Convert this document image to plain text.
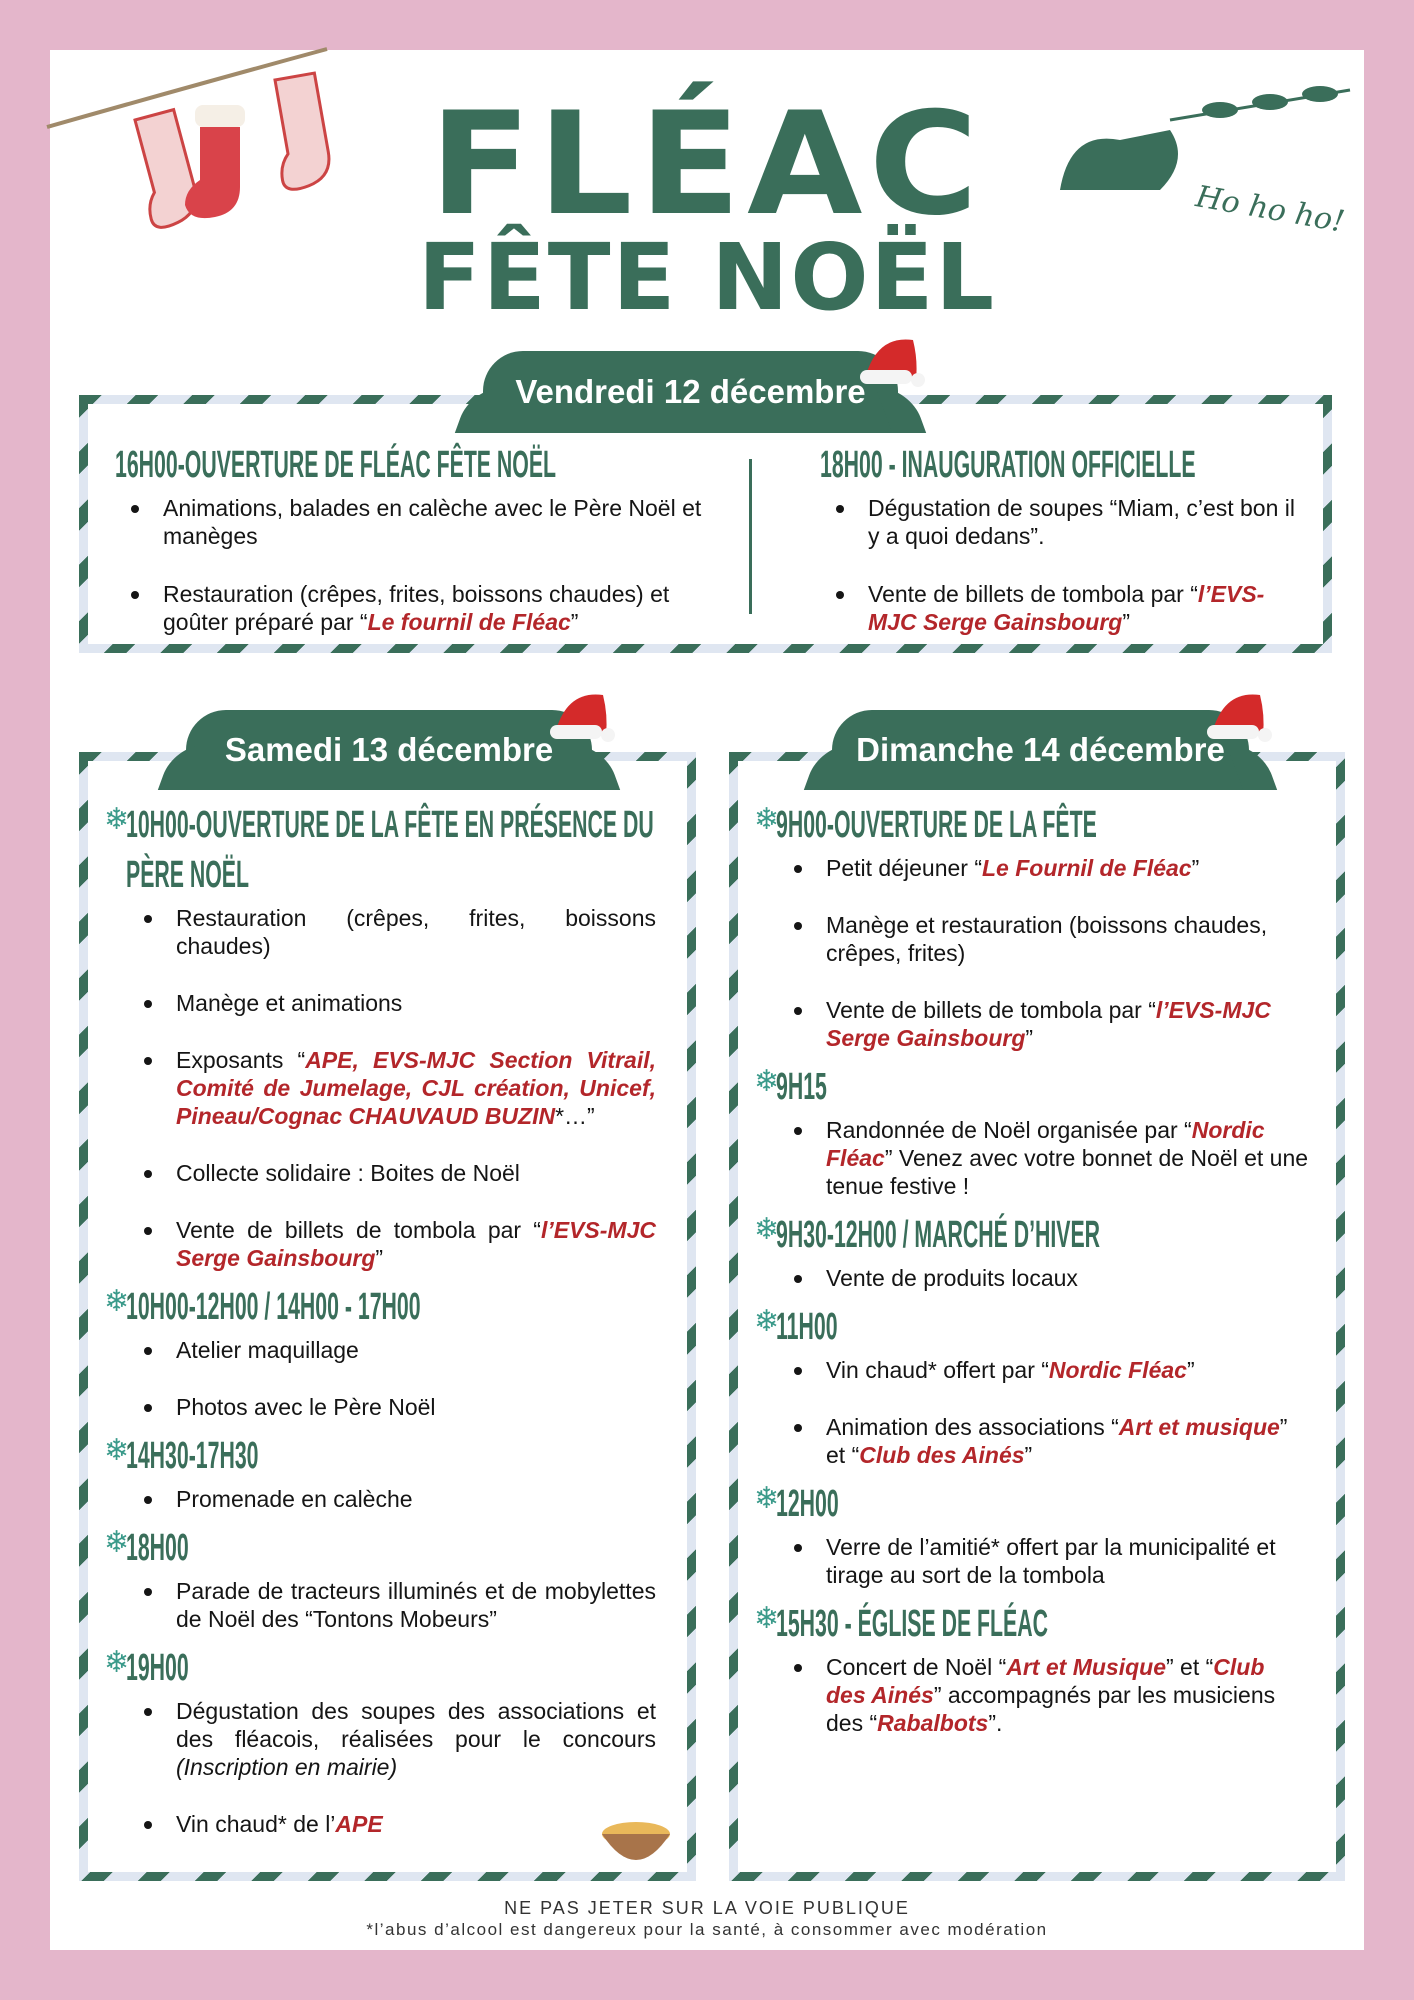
Ho ho ho!
FLÉAC
FÊTE NOËL
Vendredi 12 décembre
16H00-OUVERTURE DE FLÉAC FÊTE NOËL
Animations, balades en calèche avec le Père Noël et manèges
Restauration (crêpes, frites, boissons chaudes) et goûter préparé par “Le fournil de Fléac”
18H00 - INAUGURATION OFFICIELLE
Dégustation de soupes “Miam, c’est bon il y a quoi dedans”.
Vente de billets de tombola par “l’EVS-MJC Serge Gainsbourg”
Samedi 13 décembre
❄
10H00-OUVERTURE DE LA FÊTE EN PRÉSENCE DU PÈRE NOËL
Restauration (crêpes, frites, boissons chaudes)
Manège et animations
Exposants “APE, EVS-MJC Section Vitrail, Comité de Jumelage, CJL création, Unicef, Pineau/Cognac CHAUVAUD BUZIN*…”
Collecte solidaire : Boites de Noël
Vente de billets de tombola par “l’EVS-MJC Serge Gainsbourg”
❄
10H00-12H00 / 14H00 - 17H00
Atelier maquillage
Photos avec le Père Noël
❄
14H30-17H30
Promenade en calèche
❄
18H00
Parade de tracteurs illuminés et de mobylettes de Noël des “Tontons Mobeurs”
❄
19H00
Dégustation des soupes des associations et des fléacois, réalisées pour le concours (Inscription en mairie)
Vin chaud* de l’APE
Dimanche 14 décembre
❄
9H00-OUVERTURE DE LA FÊTE
Petit déjeuner “Le Fournil de Fléac”
Manège et restauration (boissons chaudes, crêpes, frites)
Vente de billets de tombola par “l’EVS-MJC Serge Gainsbourg”
❄
9H15
Randonnée de Noël organisée par “Nordic Fléac” Venez avec votre bonnet de Noël et une tenue festive !
❄
9H30-12H00 / MARCHÉ D’HIVER
Vente de produits locaux
❄
11H00
Vin chaud* offert par “Nordic Fléac”
Animation des associations “Art et musique” et “Club des Ainés”
❄
12H00
Verre de l’amitié* offert par la municipalité et tirage au sort de la tombola
❄
15H30 - ÉGLISE DE FLÉAC
Concert de Noël “Art et Musique” et “Club des Ainés” accompagnés par les musiciens des “Rabalbots”.
NE PAS JETER SUR LA VOIE PUBLIQUE
*l’abus d’alcool est dangereux pour la santé, à consommer avec modération
